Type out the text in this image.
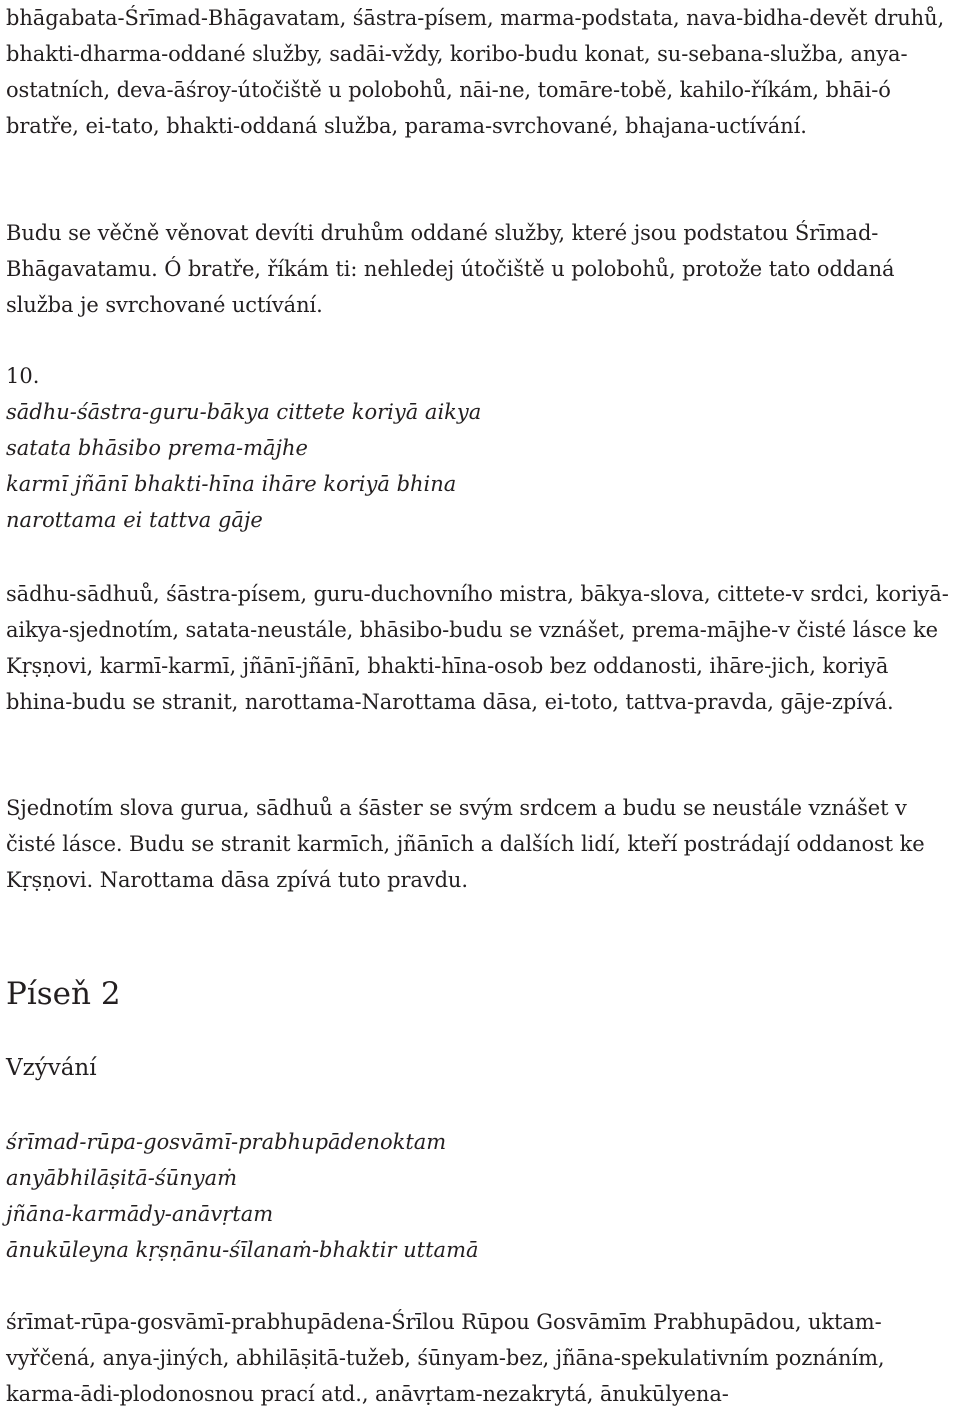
bhāgabata-Śrīmad-Bhāgavatam, śāstra-písem, marma-podstata, nava-bidha-devět druhů, bhakti-dharma-oddané služby, sadāi-vždy, koribo-budu konat, su-sebana-služba, anya-ostatních, deva-āśroy-útočiště u polobohů, nāi-ne, tomāre-tobě, kahilo-říkám, bhāi-ó bratře, ei-tato, bhakti-oddaná služba, parama-svrchované, bhajana-uctívání.

Budu se věčně věnovat devíti druhům oddané služby, které jsou podstatou Śrīmad-Bhāgavatamu. Ó bratře, říkám ti: nehledej útočiště u polobohů, protože tato oddaná služba je svrchované uctívání.

10.
sādhu-śāstra-guru-bākya cittete koriyā aikya
satata bhāsibo prema-mājhe
karmī jñānī bhakti-hīna ihāre koriyā bhina
narottama ei tattva gāje

sādhu-sādhuů, śāstra-písem, guru-duchovního mistra, bākya-slova, cittete-v srdci, koriyā-aikya-sjednotím, satata-neustále, bhāsibo-budu se vznášet, prema-mājhe-v čisté lásce ke Kṛṣṇovi, karmī-karmī, jñānī-jñānī, bhakti-hīna-osob bez oddanosti, ihāre-jich, koriyā bhina-budu se stranit, narottama-Narottama dāsa, ei-toto, tattva-pravda, gāje-zpívá.

Sjednotím slova gurua, sādhuů a śāster se svým srdcem a budu se neustále vznášet v čisté lásce. Budu se stranit karmīch, jñānīch a dalších lidí, kteří postrádají oddanost ke Kṛṣṇovi. Narottama dāsa zpívá tuto pravdu.

Píseň 2
Vzývání
śrīmad-rūpa-gosvāmī-prabhupādenoktam
anyābhilāṣitā-śūnyaṁ
jñāna-karmādy-anāvṛtam
ānukūleyna kṛṣṇānu-śīlanaṁ-bhaktir uttamā

śrīmat-rūpa-gosvāmī-prabhupādena-Śrīlou Rūpou Gosvāmīm Prabhupādou, uktam-vyřčená, anya-jiných, abhilāṣitā-tužeb, śūnyam-bez, jñāna-spekulativním poznáním, karma-ādi-plodonosnou prací atd., anāvṛtam-nezakrytá, ānukūlyena-
